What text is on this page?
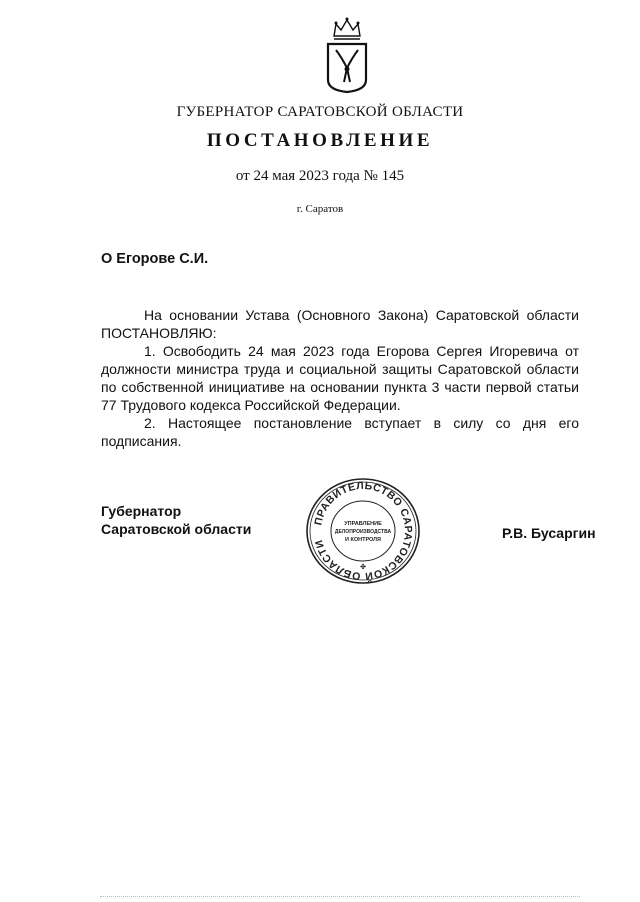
ГУБЕРНАТОР САРАТОВСКОЙ ОБЛАСТИ
ПОСТАНОВЛЕНИЕ
от 24 мая 2023 года № 145
г. Саратов
О Егорове С.И.

На основании Устава (Основного Закона) Саратовской области ПОСТАНОВЛЯЮ:

1. Освободить 24 мая 2023 года Егорова Сергея Игоревича от должности министра труда и социальной защиты Саратовской области по собственной инициативе на основании пункта 3 части первой статьи 77 Трудового кодекса Российской Федерации.

2. Настоящее постановление вступает в силу со дня его подписания.

Губернатор
Саратовской области	ПРАВИТЕЛЬСТВО САРАТОВСКОЙ ОБЛАСТИ
УПРАВЛЕНИЕ
ДЕЛОПРОИЗВОДСТВА
И КОНТРОЛЯ
✤
Р.В. Бусаргин
